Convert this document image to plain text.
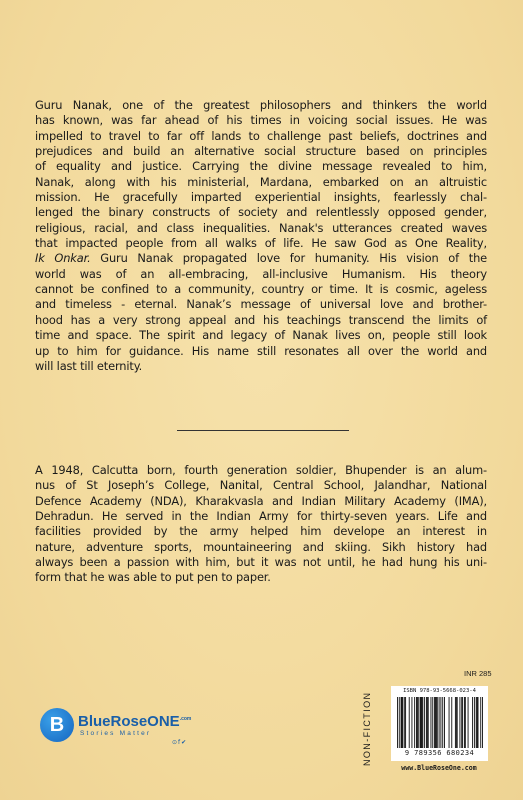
Guru Nanak, one of the greatest philosophers and thinkers the world
has known, was far ahead of his times in voicing social issues. He was
impelled to travel to far off lands to challenge past beliefs, doctrines and
prejudices and build an alternative social structure based on principles
of equality and justice. Carrying the divine message revealed to him,
Nanak, along with his ministerial, Mardana, embarked on an altruistic
mission. He gracefully imparted experiential insights, fearlessly chal-
lenged the binary constructs of society and relentlessly opposed gender,
religious, racial, and class inequalities. Nanak's utterances created waves
that impacted people from all walks of life. He saw God as One Reality,
Ik Onkar. Guru Nanak propagated love for humanity. His vision of the
world was of an all-embracing, all-inclusive Humanism. His theory
cannot be confined to a community, country or time. It is cosmic, ageless
and timeless - eternal. Nanak’s message of universal love and brother-
hood has a very strong appeal and his teachings transcend the limits of
time and space. The spirit and legacy of Nanak lives on, people still look
up to him for guidance. His name still resonates all over the world and
will last till eternity.
A 1948, Calcutta born, fourth generation soldier, Bhupender is an alum-
nus of St Joseph’s College, Nanital, Central School, Jalandhar, National
Defence Academy (NDA), Kharakvasla and Indian Military Academy (IMA),
Dehradun. He served in the Indian Army for thirty-seven years. Life and
facilities provided by the army helped him develope an interest in
nature, adventure sports, mountaineering and skiing. Sikh history had
always been a passion with him, but it was not until, he had hung his uni-
form that he was able to put pen to paper.
B BlueRoseONE$^{.com}$
Stories Matter
⊙f✔
INR 285
NON-FICTION
ISBN 978-93-5668-023-4
9 789356 680234
www.BlueRoseOne.com
